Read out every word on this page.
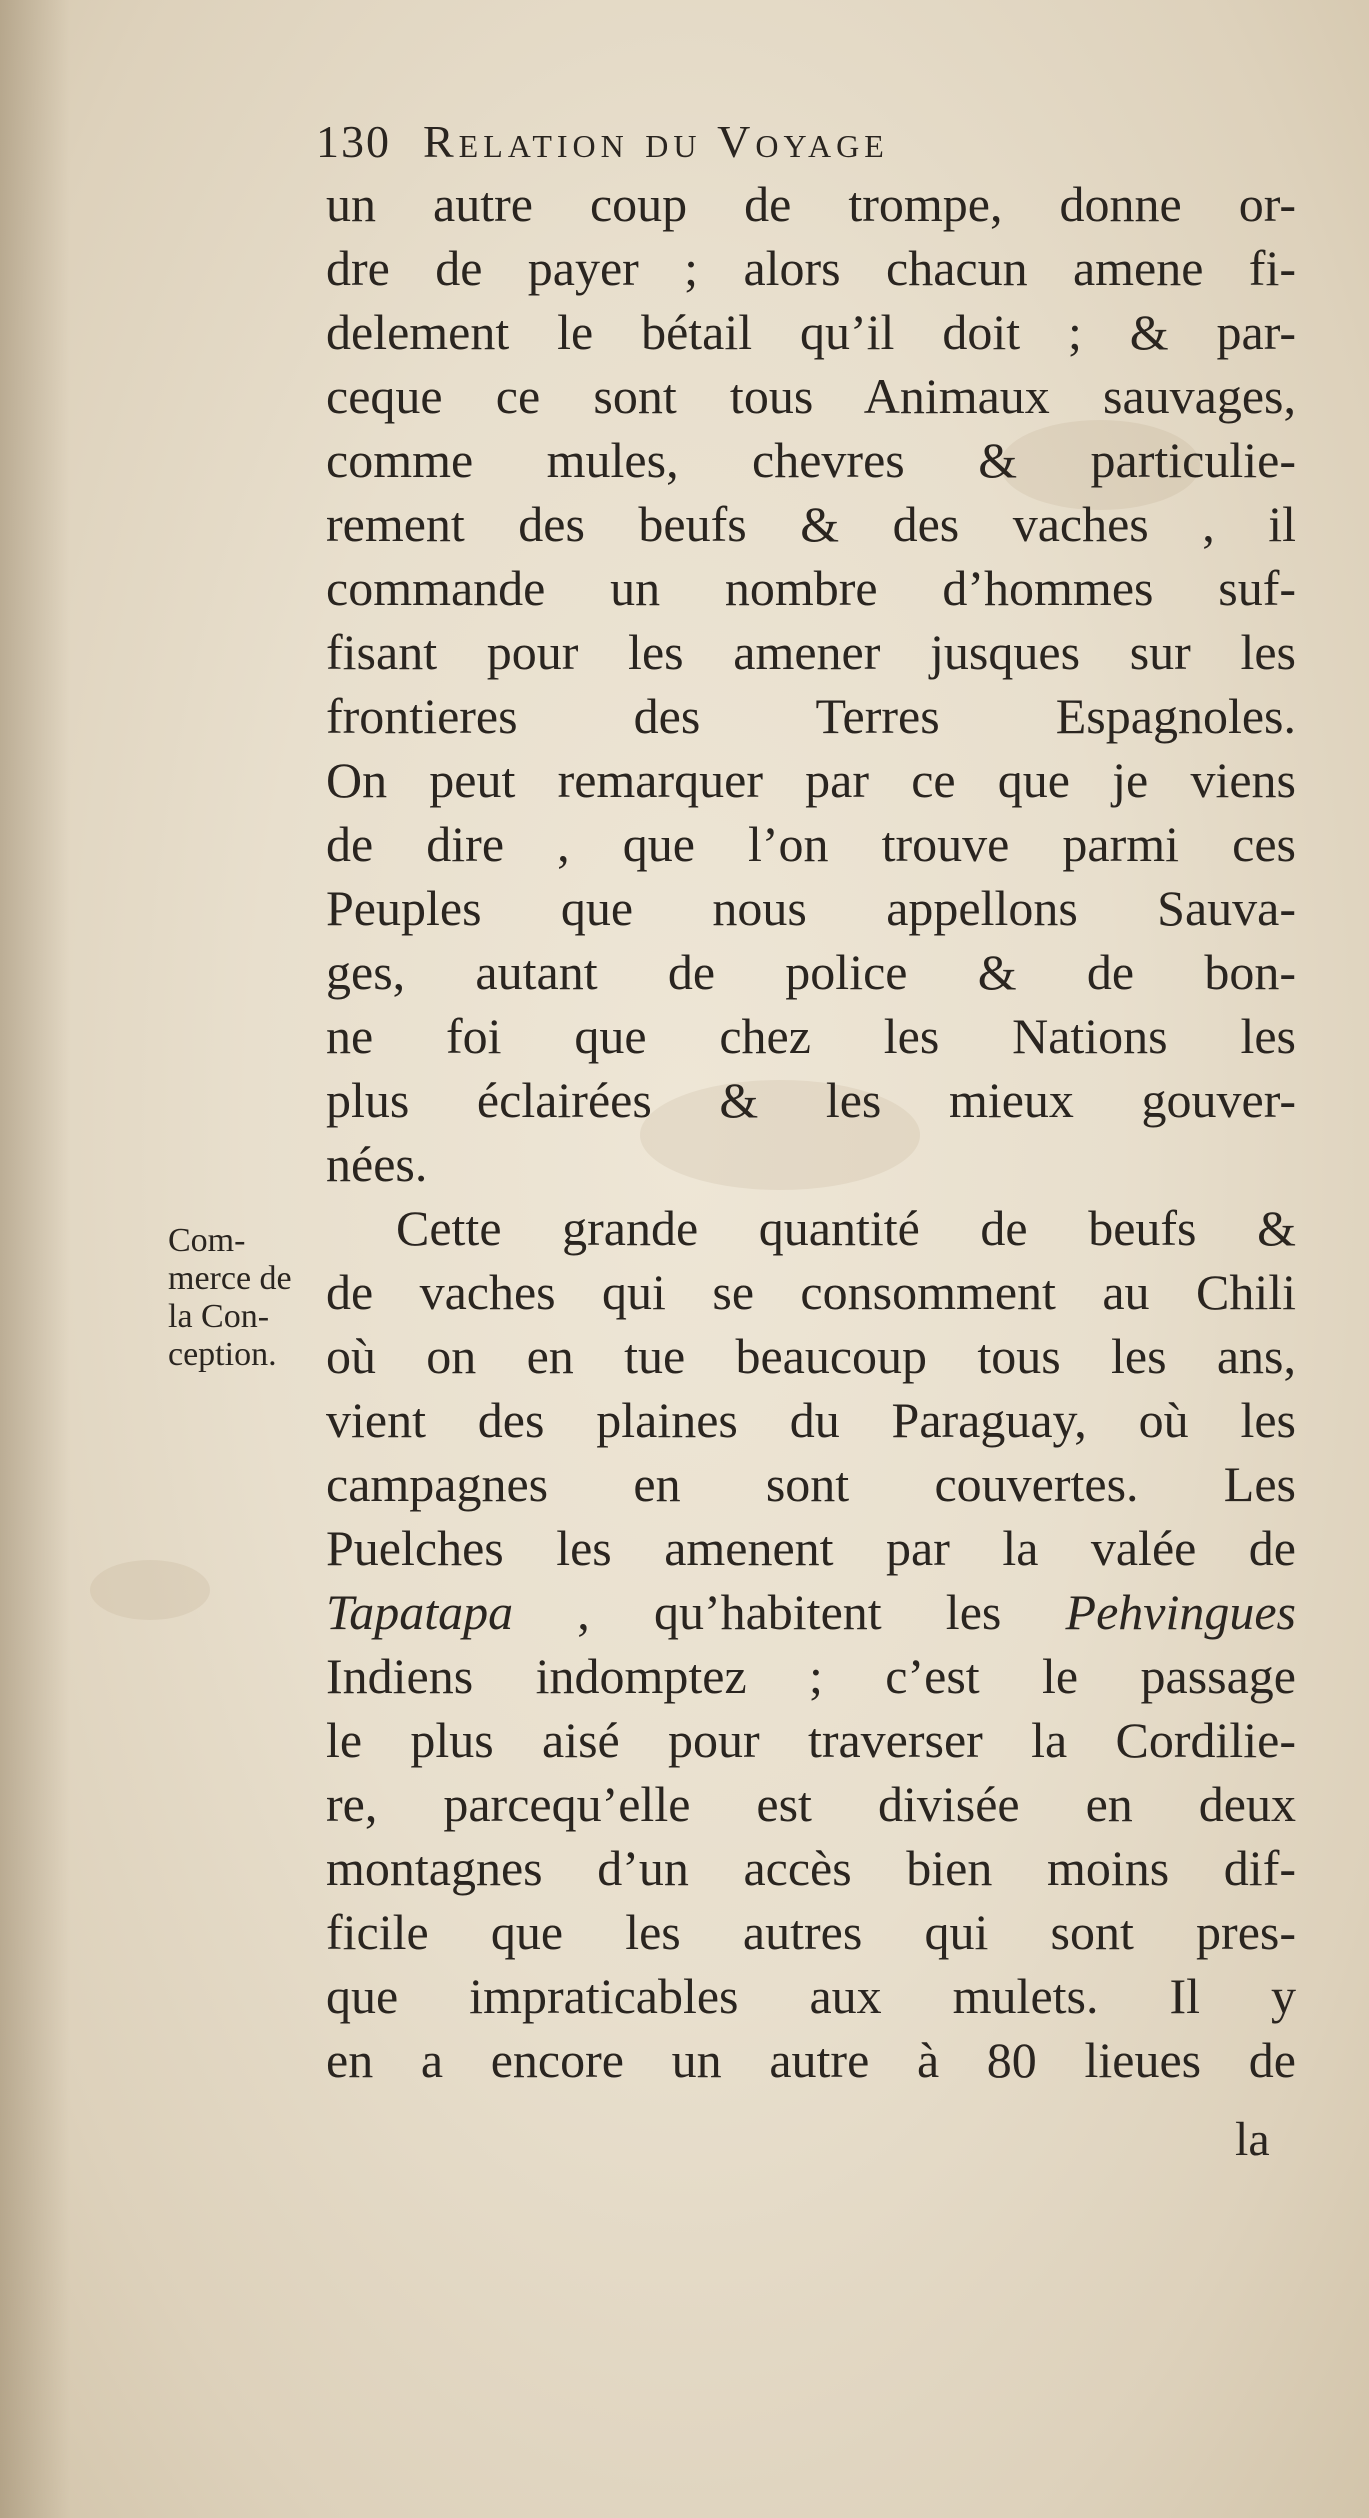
130 Relation du Voyage
un autre coup de trompe, donne or-
dre de payer ; alors chacun amene fi-
delement le bétail qu’il doit ; & par-
ceque ce sont tous Animaux sauvages,
comme mules, chevres & particulie-
rement des beufs & des vaches , il
commande un nombre d’hommes suf-
fisant pour les amener jusques sur les
frontieres des Terres Espagnoles.
On peut remarquer par ce que je viens
de dire , que l’on trouve parmi ces
Peuples que nous appellons Sauva-
ges, autant de police & de bon-
ne foi que chez les Nations les
plus éclairées & les mieux gouver-
nées.
Cette grande quantité de beufs &
de vaches qui se consomment au Chili
où on en tue beaucoup tous les ans,
vient des plaines du Paraguay, où les
campagnes en sont couvertes. Les
Puelches les amenent par la valée de
Tapatapa , qu’habitent les Pehvingues
Indiens indomptez ; c’est le passage
le plus aisé pour traverser la Cordilie-
re, parcequ’elle est divisée en deux
montagnes d’un accès bien moins dif-
ficile que les autres qui sont pres-
que impraticables aux mulets. Il y
en a encore un autre à 80 lieues de
Com-
merce de
la Con-
ception.
la
